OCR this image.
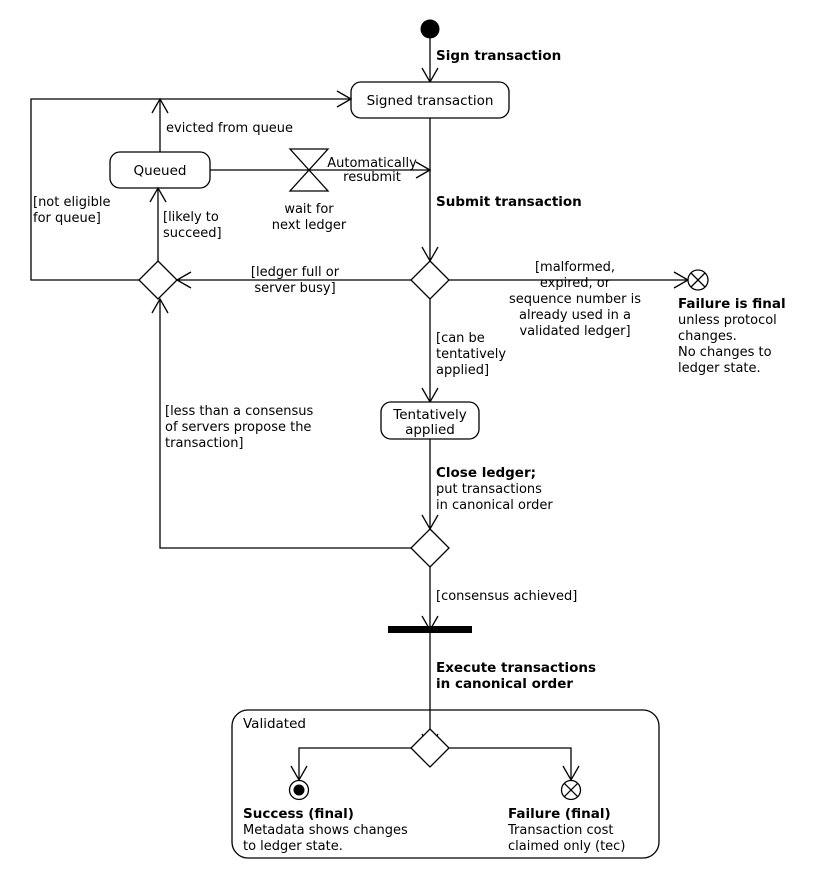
Sign transaction
Signed transaction
Submit transaction
[not eligible
for queue]
Queued
evicted from queue
[likely to
succeed]
wait for
next ledger
Automatically
resubmit
[ledger full or
server busy]
[malformed,
expired, or
sequence number is
already used in a
validated ledger]
Failure is final
unless protocol
changes.
No changes to
ledger state.
[can be
tentatively
applied]
Tentatively
applied
Close ledger;
put transactions
in canonical order
[less than a consensus
of servers propose the
transaction]
[consensus achieved]
Execute transactions
in canonical order
Validated
Success (final)
Metadata shows changes
to ledger state.
Failure (final)
Transaction cost
claimed only (tec)
